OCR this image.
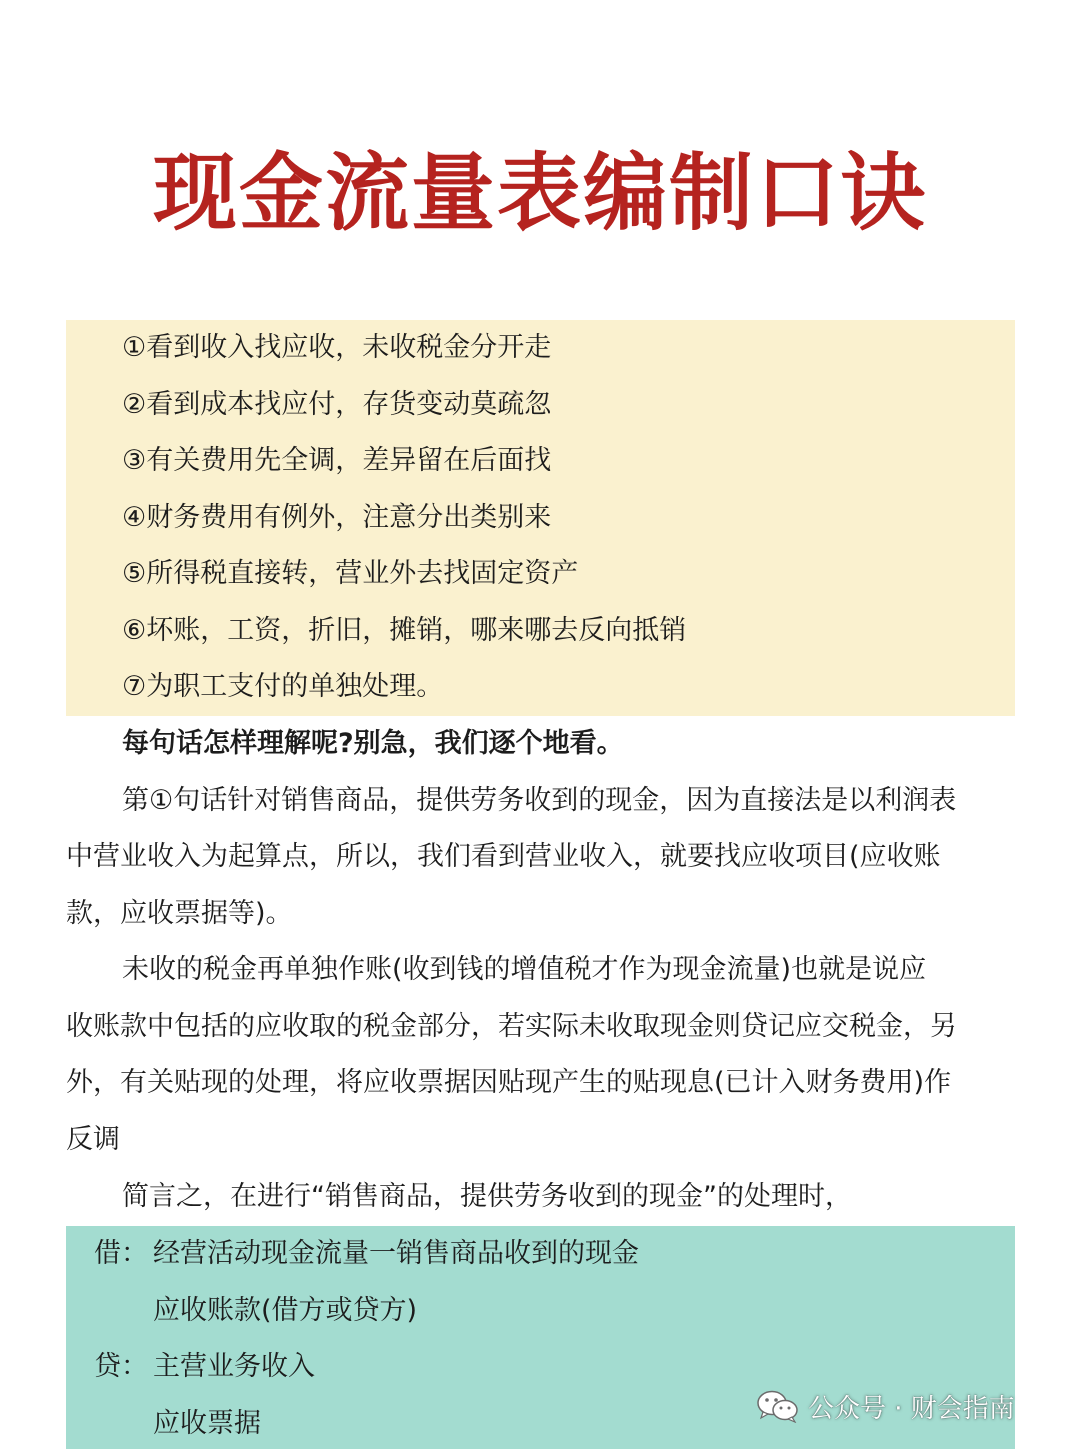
现金流量表编制口诀
①看到收入找应收，未收税金分开走
②看到成本找应付，存货变动莫疏忽
③有关费用先全调，差异留在后面找
④财务费用有例外，注意分出类别来
⑤所得税直接转，营业外去找固定资产
⑥坏账，工资，折旧，摊销，哪来哪去反向抵销
⑦为职工支付的单独处理。
每句话怎样理解呢?别急，我们逐个地看。
第①句话针对销售商品，提供劳务收到的现金，因为直接法是以利润表
中营业收入为起算点，所以，我们看到营业收入，就要找应收项目(应收账
款，应收票据等)。
未收的税金再单独作账(收到钱的增值税才作为现金流量)也就是说应
收账款中包括的应收取的税金部分，若实际未收取现金则贷记应交税金，另
外，有关贴现的处理，将应收票据因贴现产生的贴现息(已计入财务费用)作
反调
简言之，在进行“销售商品，提供劳务收到的现金”的处理时，
借： 经营活动现金流量一销售商品收到的现金
应收账款(借方或贷方)
贷： 主营业务收入
应收票据	公众号 · 财会指南
